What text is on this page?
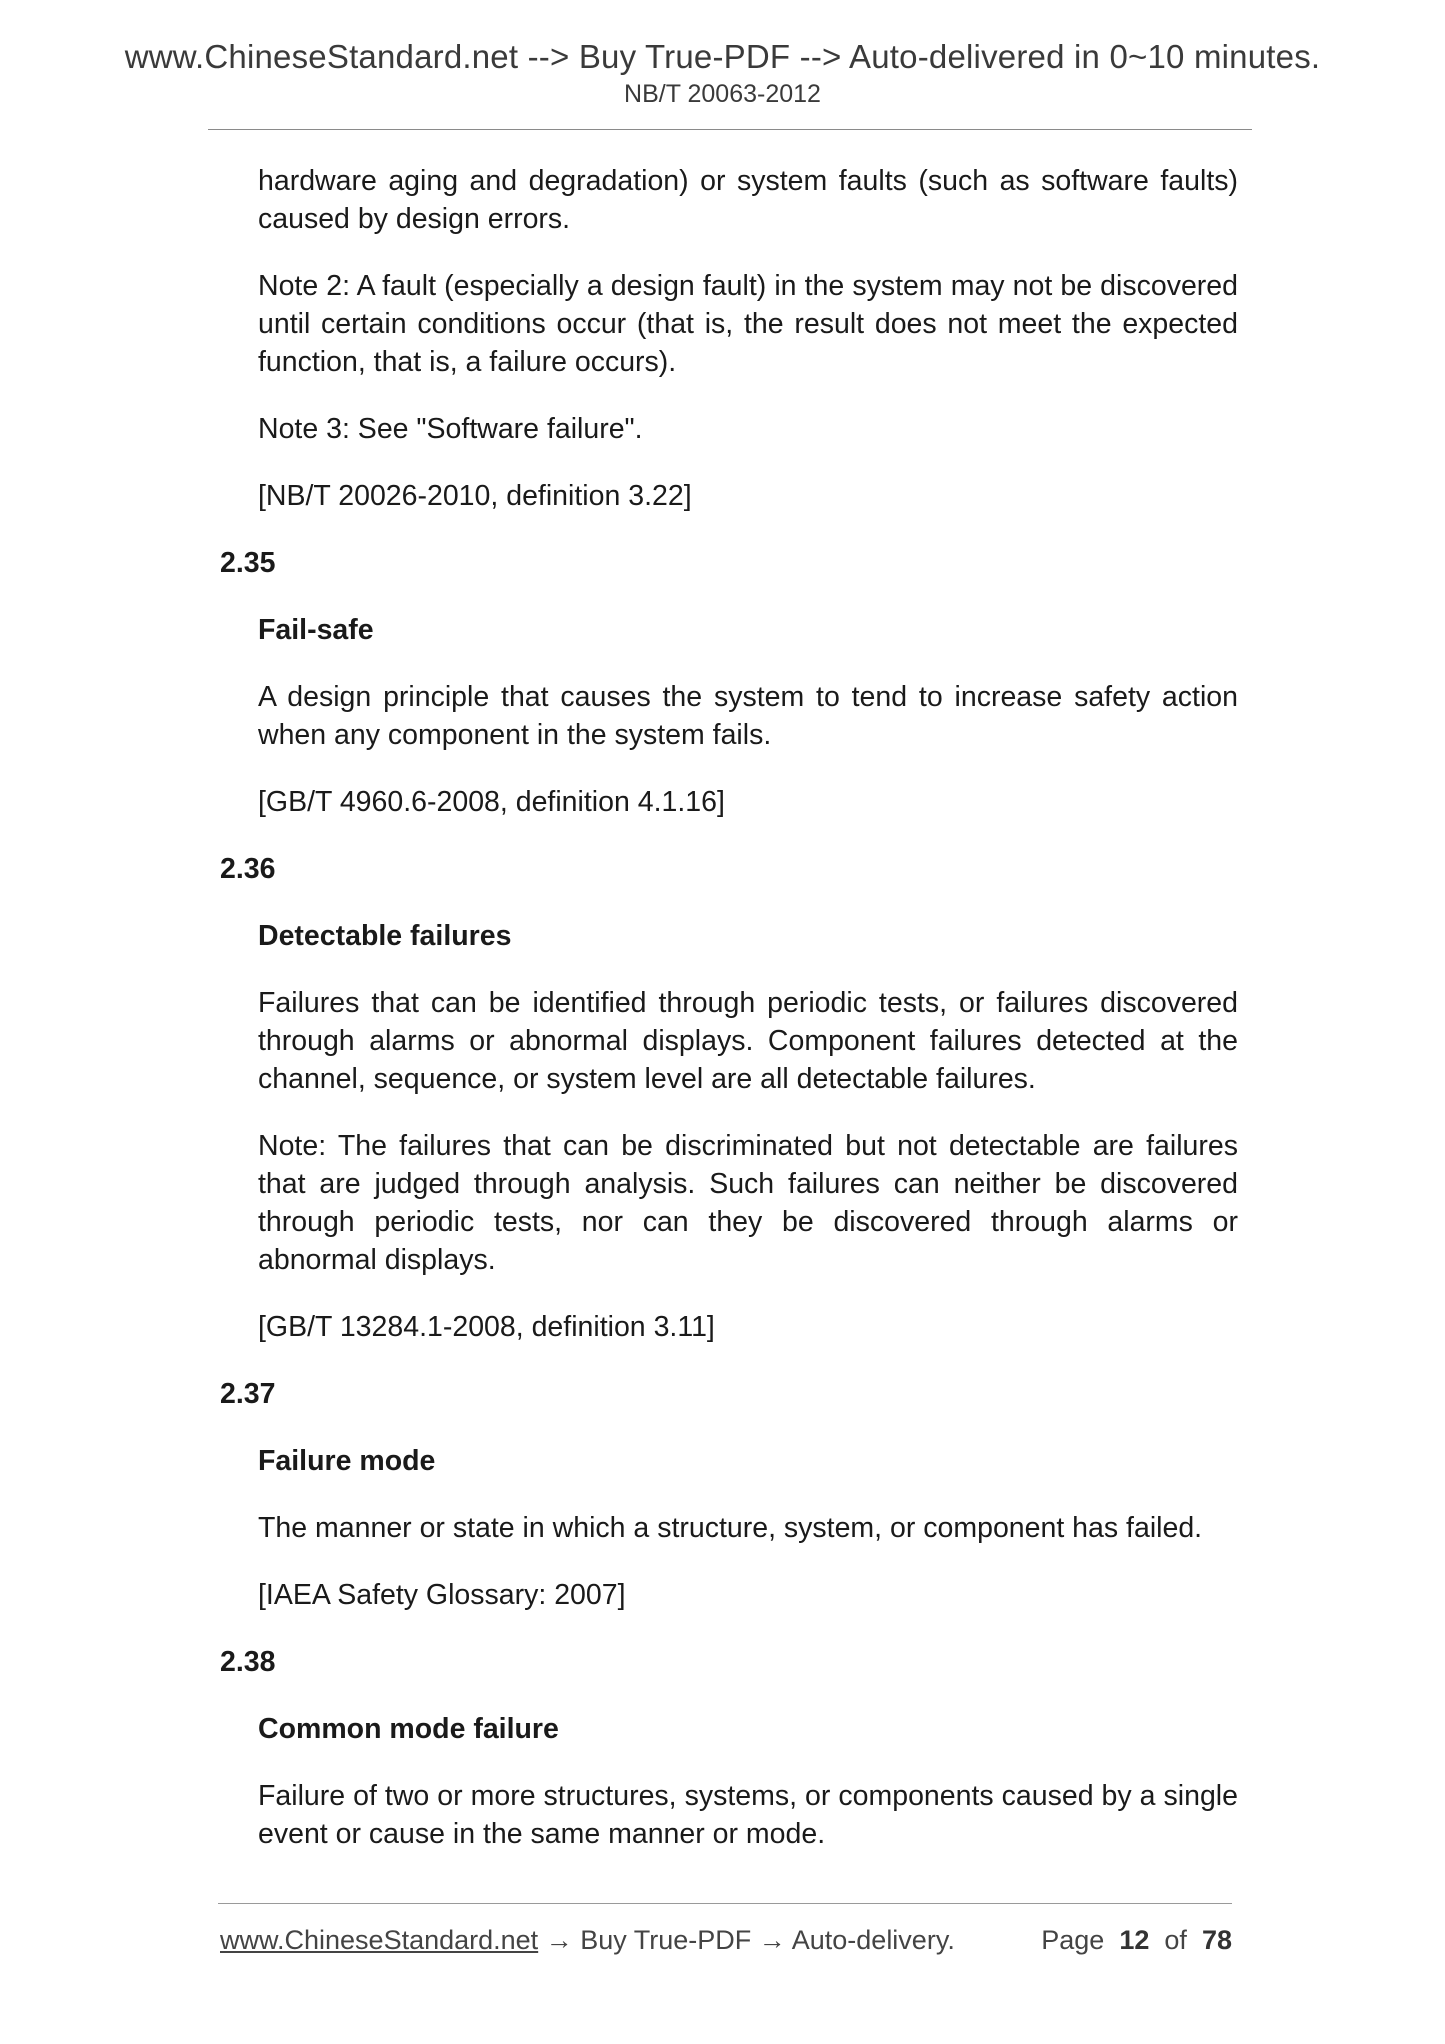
www.ChineseStandard.net --> Buy True-PDF --> Auto-delivered in 0~10 minutes.
NB/T 20063-2012
hardware aging and degradation) or system faults (such as software faults) caused by design errors.
Note 2: A fault (especially a design fault) in the system may not be discovered until certain conditions occur (that is, the result does not meet the expected function, that is, a failure occurs).
Note 3: See "Software failure".
[NB/T 20026-2010, definition 3.22]
2.35
Fail-safe
A design principle that causes the system to tend to increase safety action when any component in the system fails.
[GB/T 4960.6-2008, definition 4.1.16]
2.36
Detectable failures
Failures that can be identified through periodic tests, or failures discovered through alarms or abnormal displays. Component failures detected at the channel, sequence, or system level are all detectable failures.
Note: The failures that can be discriminated but not detectable are failures that are judged through analysis. Such failures can neither be discovered through periodic tests, nor can they be discovered through alarms or abnormal displays.
[GB/T 13284.1-2008, definition 3.11]
2.37
Failure mode
The manner or state in which a structure, system, or component has failed.
[IAEA Safety Glossary: 2007]
2.38
Common mode failure
Failure of two or more structures, systems, or components caused by a single event or cause in the same manner or mode.
www.ChineseStandard.net → Buy True-PDF → Auto-delivery.	Page 12 of 78
